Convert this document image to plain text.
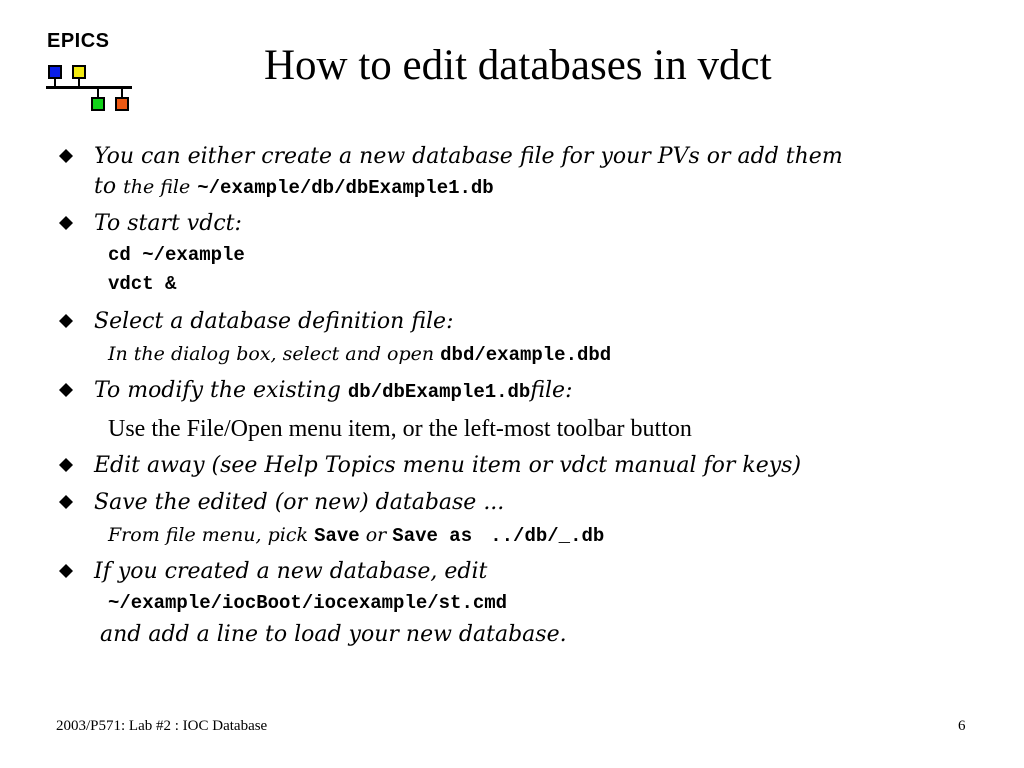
EPICS
How to edit databases in vdct
You can either create a new database file for your PVs or add them
to the file ~/example/db/dbExample1.db
To start vdct:
cd ~/example
vdct &
Select a database definition file:
In the dialog box, select and open dbd/example.dbd
To modify the existing db/dbExample1.dbfile:
Use the File/Open menu item, or the left-most toolbar button
Edit away (see Help Topics menu item or vdct manual for keys)
Save the edited (or new) database ...
From file menu, pick Save or Save as ../db/_.db
If you created a new database, edit
~/example/iocBoot/iocexample/st.cmd
and add a line to load your new database.
2003/P571: Lab #2 : IOC Database	6
